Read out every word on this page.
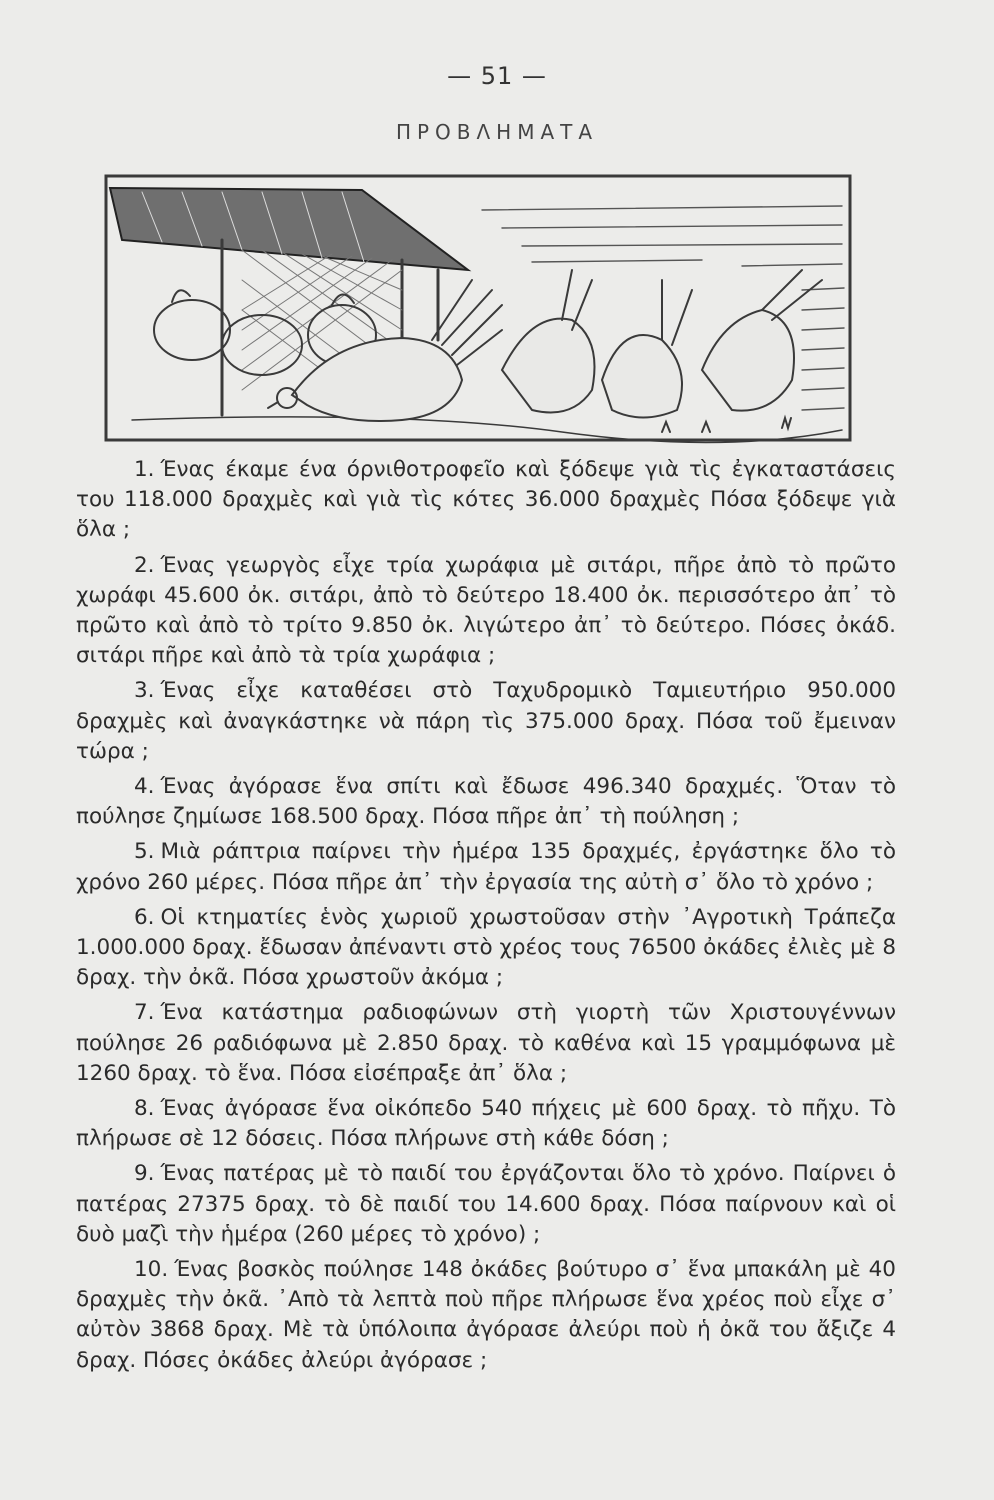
— 51 —
ΠΡΟΒΛΗΜΑΤΑ

1. Ένας έκαμε ένα όρνιθοτροφεῖο καὶ ξόδεψε γιὰ τὶς ἐγκαταστάσεις του 118.000 δραχμὲς καὶ γιὰ τὶς κότες 36.000 δραχμὲς Πόσα ξόδεψε γιὰ ὅλα ;

2. Ένας γεωργὸς εἶχε τρία χωράφια μὲ σιτάρι, πῆρε ἀπὸ τὸ πρῶτο χωράφι 45.600 ὀκ. σιτάρι, ἀπὸ τὸ δεύτερο 18.400 ὀκ. περισσότερο ἀπ᾽ τὸ πρῶτο καὶ ἀπὸ τὸ τρίτο 9.850 ὀκ. λιγώτερο ἀπ᾽ τὸ δεύτερο. Πόσες ὀκάδ. σιτάρι πῆρε καὶ ἀπὸ τὰ τρία χωράφια ;

3. Ένας εἶχε καταθέσει στὸ Ταχυδρομικὸ Ταμιευτήριο 950.000 δραχμὲς καὶ ἀναγκάστηκε νὰ πάρη τὶς 375.000 δραχ. Πόσα τοῦ ἔμειναν τώρα ;

4. Ένας ἀγόρασε ἕνα σπίτι καὶ ἔδωσε 496.340 δραχμές. Ὅταν τὸ πούλησε ζημίωσε 168.500 δραχ. Πόσα πῆρε ἀπ᾽ τὴ πούληση ;

5. Μιὰ ράπτρια παίρνει τὴν ἡμέρα 135 δραχμές, ἐργάστηκε ὅλο τὸ χρόνο 260 μέρες. Πόσα πῆρε ἀπ᾽ τὴν ἐργασία της αὐτὴ σ᾽ ὅλο τὸ χρόνο ;

6. Οἱ κτηματίες ἑνὸς χωριοῦ χρωστοῦσαν στὴν ᾿Αγροτικὴ Τράπεζα 1.000.000 δραχ. ἔδωσαν ἀπέναντι στὸ χρέος τους 76500 ὀκάδες ἐλιὲς μὲ 8 δραχ. τὴν ὀκᾶ. Πόσα χρωστοῦν ἀκόμα ;

7. Ένα κατάστημα ραδιοφώνων στὴ γιορτὴ τῶν Χριστουγέννων πούλησε 26 ραδιόφωνα μὲ 2.850 δραχ. τὸ καθένα καὶ 15 γραμμόφωνα μὲ 1260 δραχ. τὸ ἕνα. Πόσα εἰσέπραξε ἀπ᾽ ὅλα ;

8. Ένας ἀγόρασε ἕνα οἰκόπεδο 540 πήχεις μὲ 600 δραχ. τὸ πῆχυ. Τὸ πλήρωσε σὲ 12 δόσεις. Πόσα πλήρωνε στὴ κάθε δόση ;

9. Ένας πατέρας μὲ τὸ παιδί του ἐργάζονται ὅλο τὸ χρόνο. Παίρνει ὁ πατέρας 27375 δραχ. τὸ δὲ παιδί του 14.600 δραχ. Πόσα παίρνουν καὶ οἱ δυὸ μαζὶ τὴν ἡμέρα (260 μέρες τὸ χρόνο) ;

10. Ένας βοσκὸς πούλησε 148 ὀκάδες βούτυρο σ᾽ ἕνα μπακάλη μὲ 40 δραχμὲς τὴν ὀκᾶ. ᾿Απὸ τὰ λεπτὰ ποὺ πῆρε πλήρωσε ἕνα χρέος ποὺ εἶχε σ᾽ αὐτὸν 3868 δραχ. Μὲ τὰ ὑπόλοιπα ἀγόρασε ἀλεύρι ποὺ ἡ ὀκᾶ του ἄξιζε 4 δραχ. Πόσες ὀκάδες ἀλεύρι ἀγόρασε ;
